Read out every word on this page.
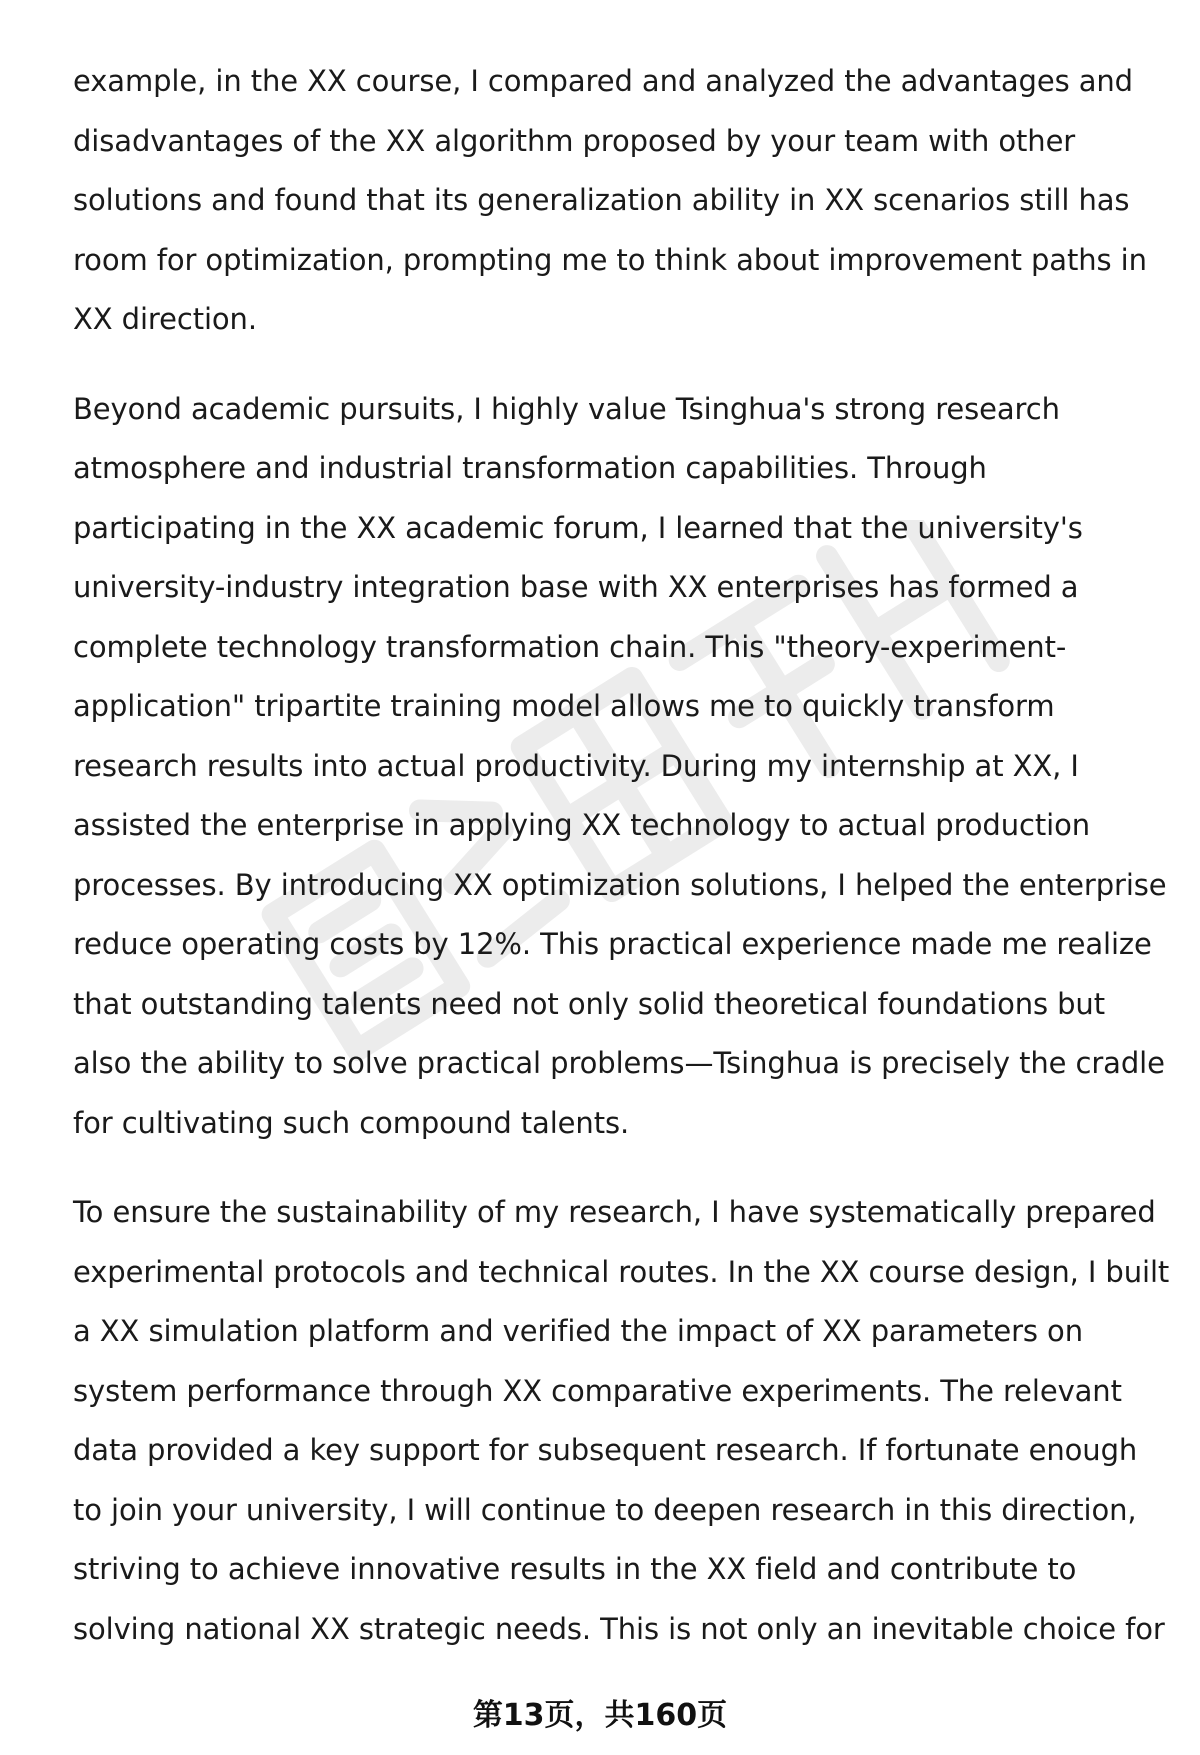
example, in the XX course, I compared and analyzed the advantages and
disadvantages of the XX algorithm proposed by your team with other
solutions and found that its generalization ability in XX scenarios still has
room for optimization, prompting me to think about improvement paths in
XX direction.

Beyond academic pursuits, I highly value Tsinghua's strong research
atmosphere and industrial transformation capabilities. Through
participating in the XX academic forum, I learned that the university's
university-industry integration base with XX enterprises has formed a
complete technology transformation chain. This "theory-experiment-
application" tripartite training model allows me to quickly transform
research results into actual productivity. During my internship at XX, I
assisted the enterprise in applying XX technology to actual production
processes. By introducing XX optimization solutions, I helped the enterprise
reduce operating costs by 12%. This practical experience made me realize
that outstanding talents need not only solid theoretical foundations but
also the ability to solve practical problems—Tsinghua is precisely the cradle
for cultivating such compound talents.

To ensure the sustainability of my research, I have systematically prepared
experimental protocols and technical routes. In the XX course design, I built
a XX simulation platform and verified the impact of XX parameters on
system performance through XX comparative experiments. The relevant
data provided a key support for subsequent research. If fortunate enough
to join your university, I will continue to deepen research in this direction,
striving to achieve innovative results in the XX field and contribute to
solving national XX strategic needs. This is not only an inevitable choice for

第13页，共160页
